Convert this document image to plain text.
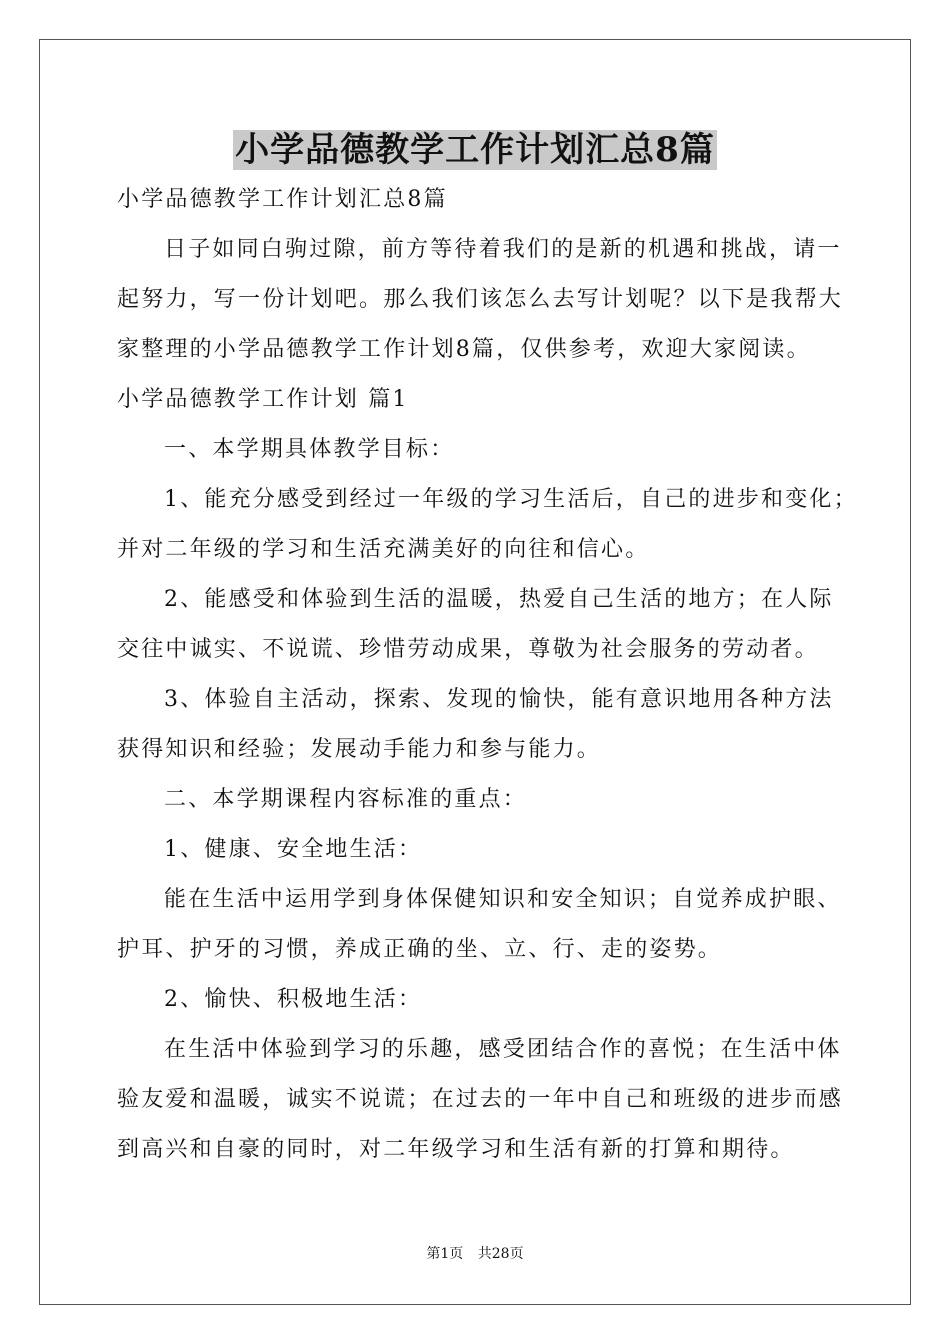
小学品德教学工作计划汇总8篇
小学品德教学工作计划汇总8篇
日子如同白驹过隙，前方等待着我们的是新的机遇和挑战，请一
起努力，写一份计划吧。那么我们该怎么去写计划呢？以下是我帮大
家整理的小学品德教学工作计划8篇，仅供参考，欢迎大家阅读。
小学品德教学工作计划 篇1
一、本学期具体教学目标：
1、能充分感受到经过一年级的学习生活后，自己的进步和变化；
并对二年级的学习和生活充满美好的向往和信心。
2、能感受和体验到生活的温暖，热爱自己生活的地方；在人际
交往中诚实、不说谎、珍惜劳动成果，尊敬为社会服务的劳动者。
3、体验自主活动，探索、发现的愉快，能有意识地用各种方法
获得知识和经验；发展动手能力和参与能力。
二、本学期课程内容标准的重点：
1、健康、安全地生活：
能在生活中运用学到身体保健知识和安全知识；自觉养成护眼、
护耳、护牙的习惯，养成正确的坐、立、行、走的姿势。
2、愉快、积极地生活：
在生活中体验到学习的乐趣，感受团结合作的喜悦；在生活中体
验友爱和温暖，诚实不说谎；在过去的一年中自己和班级的进步而感
到高兴和自豪的同时，对二年级学习和生活有新的打算和期待。
第1页 共28页
